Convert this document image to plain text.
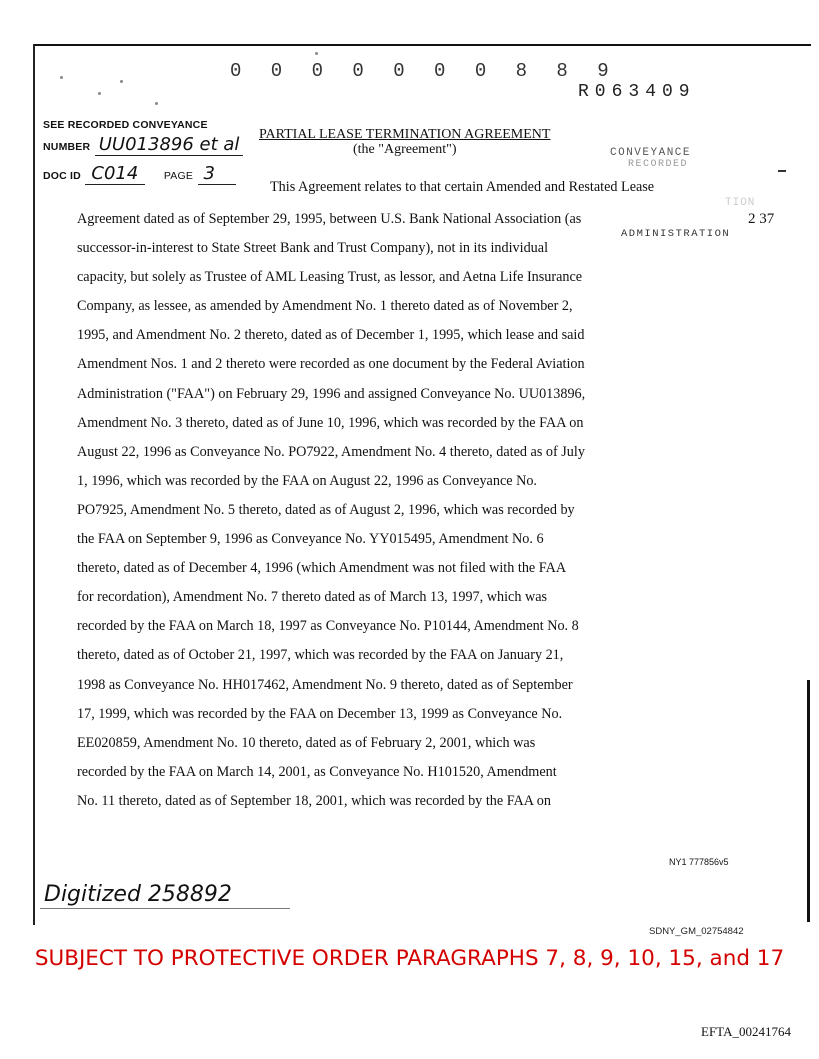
0 0 0 0 0 0 0 8 8 9
R063409
SEE RECORDED CONVEYANCE
NUMBER UU013896 et al
DOC ID C014 PAGE 3
PARTIAL LEASE TERMINATION AGREEMENT
(the "Agreement")	CONVEYANCE
RECORDED
TION
2 37
ADMINISTRATION
This Agreement relates to that certain Amended and Restated Lease
Agreement dated as of September 29, 1995, between U.S. Bank National Association (as
successor-in-interest to State Street Bank and Trust Company), not in its individual
capacity, but solely as Trustee of AML Leasing Trust, as lessor, and Aetna Life Insurance
Company, as lessee, as amended by Amendment No. 1 thereto dated as of November 2,
1995, and Amendment No. 2 thereto, dated as of December 1, 1995, which lease and said
Amendment Nos. 1 and 2 thereto were recorded as one document by the Federal Aviation
Administration ("FAA") on February 29, 1996 and assigned Conveyance No. UU013896,
Amendment No. 3 thereto, dated as of June 10, 1996, which was recorded by the FAA on
August 22, 1996 as Conveyance No. PO7922, Amendment No. 4 thereto, dated as of July
1, 1996, which was recorded by the FAA on August 22, 1996 as Conveyance No.
PO7925, Amendment No. 5 thereto, dated as of August 2, 1996, which was recorded by
the FAA on September 9, 1996 as Conveyance No. YY015495, Amendment No. 6
thereto, dated as of December 4, 1996 (which Amendment was not filed with the FAA
for recordation), Amendment No. 7 thereto dated as of March 13, 1997, which was
recorded by the FAA on March 18, 1997 as Conveyance No. P10144, Amendment No. 8
thereto, dated as of October 21, 1997, which was recorded by the FAA on January 21,
1998 as Conveyance No. HH017462, Amendment No. 9 thereto, dated as of September
17, 1999, which was recorded by the FAA on December 13, 1999 as Conveyance No.
EE020859, Amendment No. 10 thereto, dated as of February 2, 2001, which was
recorded by the FAA on March 14, 2001, as Conveyance No. H101520, Amendment
No. 11 thereto, dated as of September 18, 2001, which was recorded by the FAA on
NY1 777856v5
Digitized 258892
SDNY_GM_02754842
SUBJECT TO PROTECTIVE ORDER PARAGRAPHS 7, 8, 9, 10, 15, and 17
EFTA_00241764
